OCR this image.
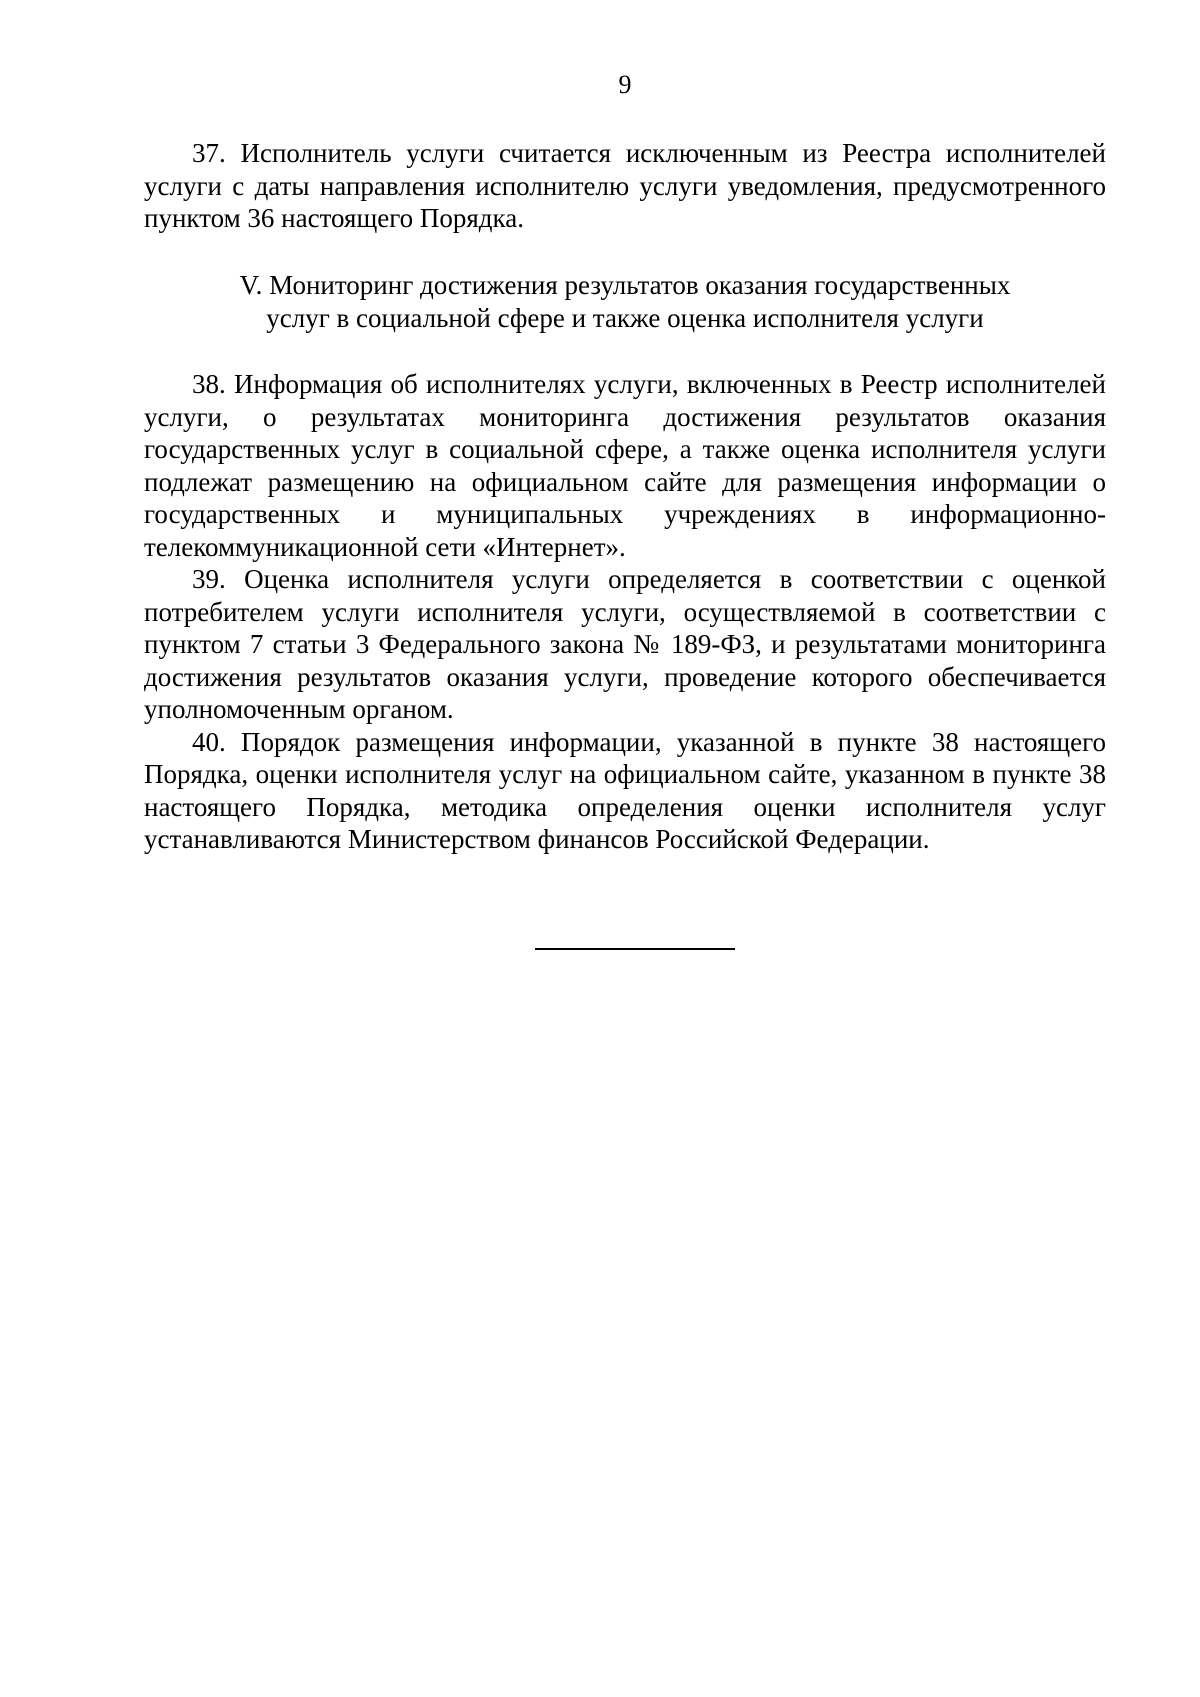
9

37. Исполнитель услуги считается исключенным из Реестра исполнителей услуги с даты направления исполнителю услуги уведомления, предусмотренного пунктом 36 настоящего Порядка.

V. Мониторинг достижения результатов оказания государственных
услуг в социальной сфере и также оценка исполнителя услуги

38. Информация об исполнителях услуги, включенных в Реестр исполнителей услуги, о результатах мониторинга достижения результатов оказания государственных услуг в социальной сфере, а также оценка исполнителя услуги подлежат размещению на официальном сайте для размещения информации о государственных и муниципальных учреждениях в информационно-телекоммуникационной сети «Интернет».

39. Оценка исполнителя услуги определяется в соответствии с оценкой потребителем услуги исполнителя услуги, осуществляемой в соответствии с пунктом 7 статьи 3 Федерального закона № 189-ФЗ, и результатами мониторинга достижения результатов оказания услуги, проведение которого обеспечивается уполномоченным органом.

40. Порядок размещения информации, указанной в пункте 38 настоящего Порядка, оценки исполнителя услуг на официальном сайте, указанном в пункте 38 настоящего Порядка, методика определения оценки исполнителя услуг устанавливаются Министерством финансов Российской Федерации.
